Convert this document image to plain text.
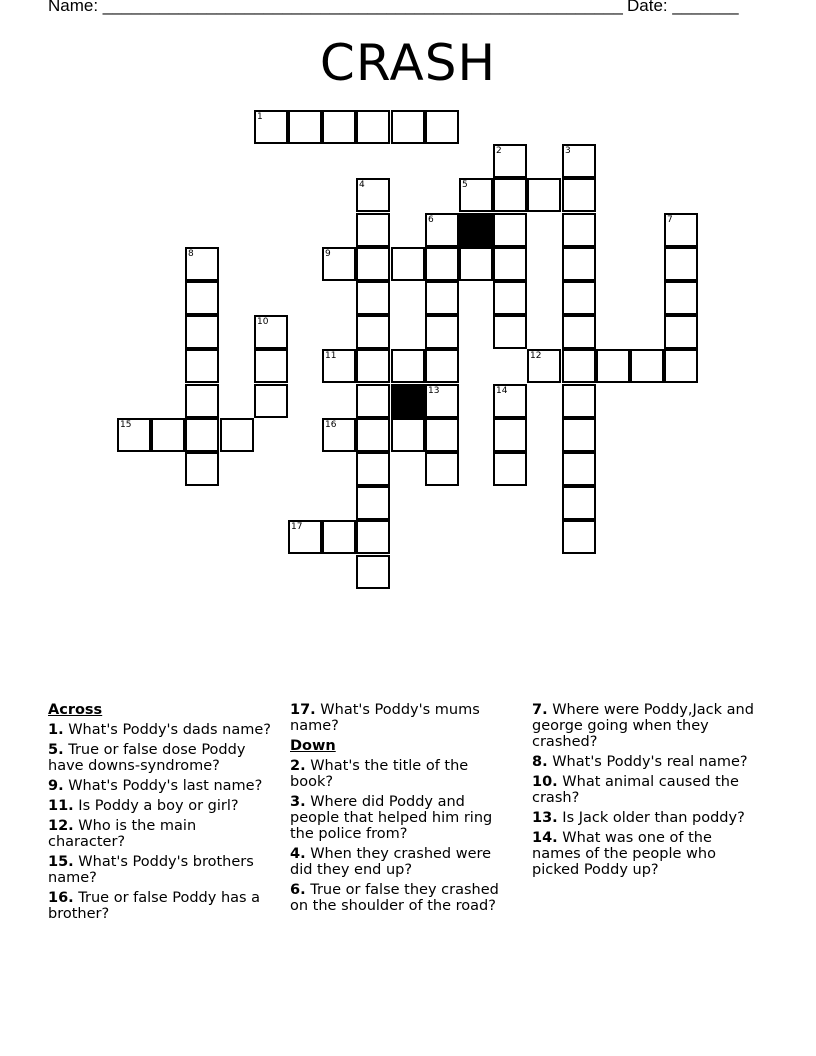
Name: _______________________________________________________ Date: _______
CRASH
1
5
9
11	12
15	16
17
2	3
4
6
13
7
8
10
14
Across
1. What's Poddy's dads name?
5. True or false dose Poddy have downs-syndrome?
9. What's Poddy's last name?
11. Is Poddy a boy or girl?
12. Who is the main character?
15. What's Poddy's brothers name?
16. True or false Poddy has a brother?
17. What's Poddy's mums name?
Down
2. What's the title of the book?
3. Where did Poddy and people that helped him ring the police from?
4. When they crashed were did they end up?
6. True or false they crashed on the shoulder of the road?
7. Where were Poddy,Jack and george going when they crashed?
8. What's Poddy's real name?
10. What animal caused the crash?
13. Is Jack older than poddy?
14. What was one of the names of the people who picked Poddy up?
